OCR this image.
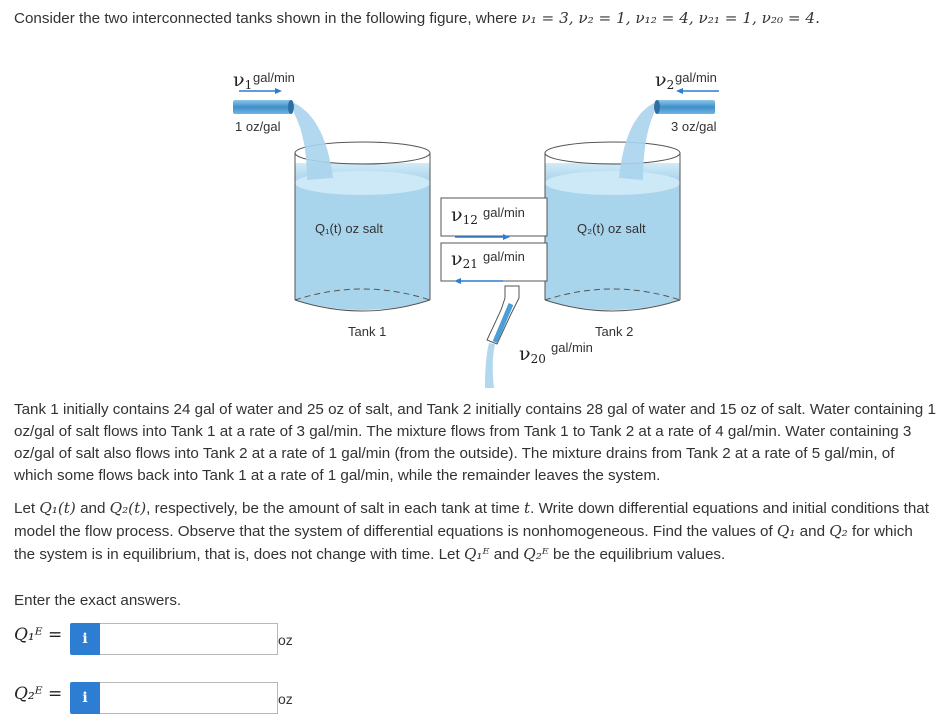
Consider the two interconnected tanks shown in the following figure, where ν₁ = 3, ν₂ = 1, ν₁₂ = 4, ν₂₁ = 1, ν₂₀ = 4.

ν1 gal/min	ν2 gal/min
1 oz/gal	3 oz/gal
Q₁(t) oz salt	Q₂(t) oz salt
ν12 gal/min
ν21 gal/min
ν20
gal/min
Tank 1	Tank 2

Tank 1 initially contains 24 gal of water and 25 oz of salt, and Tank 2 initially contains 28 gal of water and 15 oz of salt. Water containing 1 oz/gal of salt flows into Tank 1 at a rate of 3 gal/min. The mixture flows from Tank 1 to Tank 2 at a rate of 4 gal/min. Water containing 3 oz/gal of salt also flows into Tank 2 at a rate of 1 gal/min (from the outside). The mixture drains from Tank 2 at a rate of 5 gal/min, of which some flows back into Tank 1 at a rate of 1 gal/min, while the remainder leaves the system.

Let Q₁(t) and Q₂(t), respectively, be the amount of salt in each tank at time t. Write down differential equations and initial conditions that model the flow process. Observe that the system of differential equations is nonhomogeneous. Find the values of Q₁ and Q₂ for which the system is in equilibrium, that is, does not change with time. Let Q₁ᴱ and Q₂ᴱ be the equilibrium values.

Enter the exact answers.

Q₁ᴱ =	i	oz
Q₂ᴱ =	i	oz
